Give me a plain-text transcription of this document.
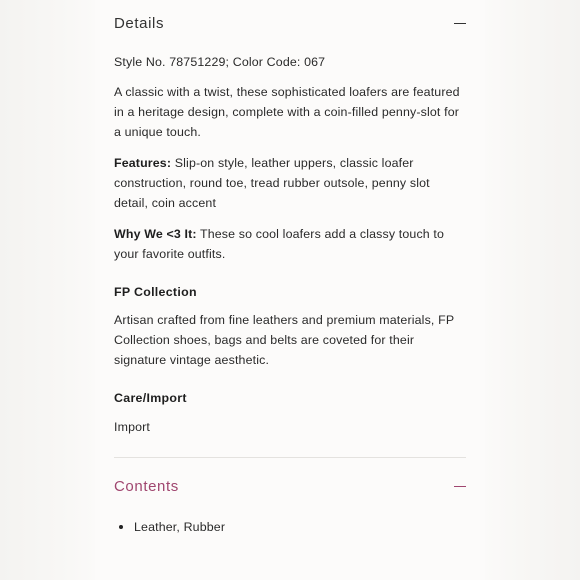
Details
Style No. 78751229; Color Code: 067
A classic with a twist, these sophisticated loafers are featured in a heritage design, complete with a coin-filled penny-slot for a unique touch.
Features: Slip-on style, leather uppers, classic loafer construction, round toe, tread rubber outsole, penny slot detail, coin accent
Why We <3 It: These so cool loafers add a classy touch to your favorite outfits.
FP Collection
Artisan crafted from fine leathers and premium materials, FP Collection shoes, bags and belts are coveted for their signature vintage aesthetic.
Care/Import
Import
Contents
Leather, Rubber
